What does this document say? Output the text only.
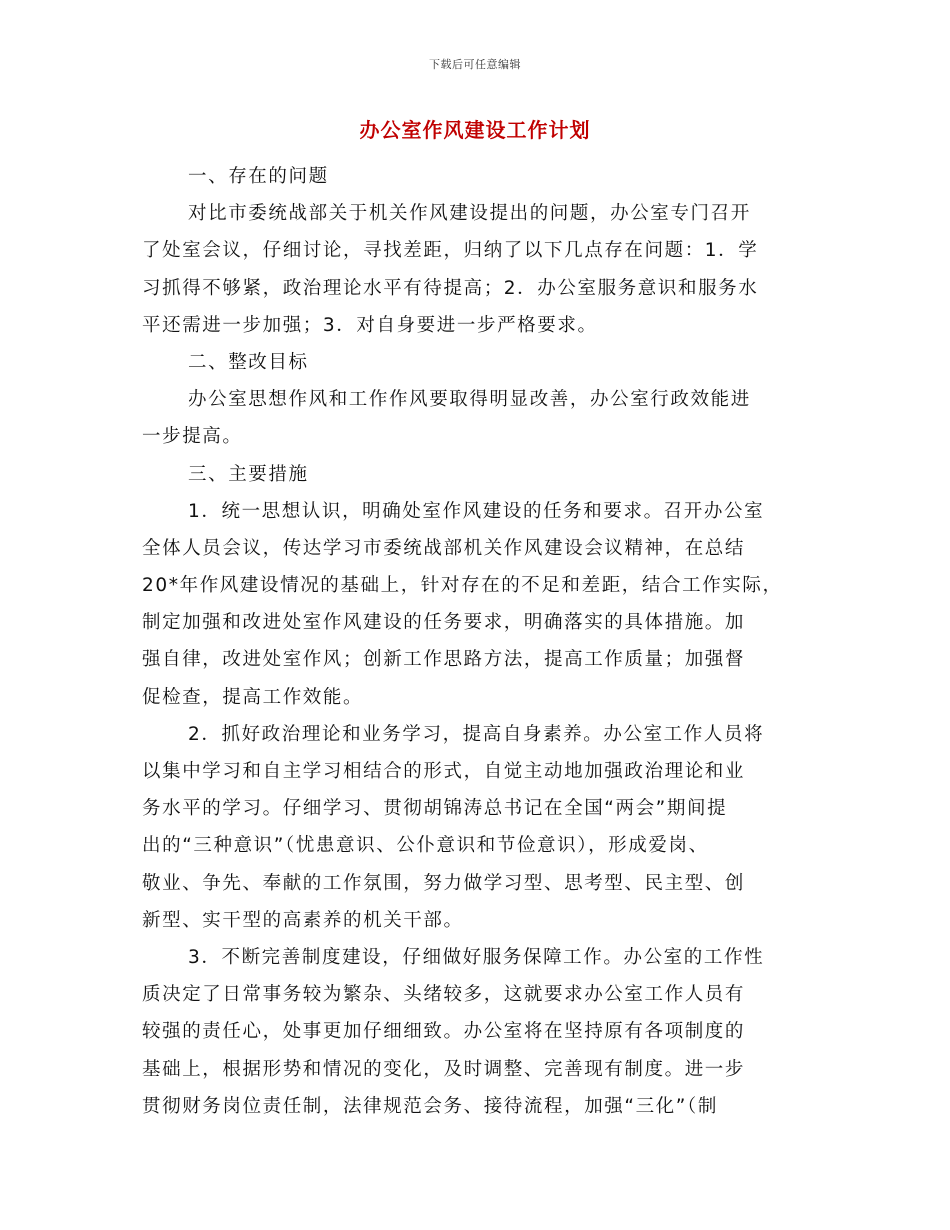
下载后可任意编辑
办公室作风建设工作计划
一、存在的问题
对比市委统战部关于机关作风建设提出的问题，办公室专门召开
了处室会议，仔细讨论，寻找差距，归纳了以下几点存在问题：1．学
习抓得不够紧，政治理论水平有待提高；2．办公室服务意识和服务水
平还需进一步加强；3．对自身要进一步严格要求。
二、整改目标
办公室思想作风和工作作风要取得明显改善，办公室行政效能进
一步提高。
三、主要措施
1．统一思想认识，明确处室作风建设的任务和要求。召开办公室
全体人员会议，传达学习市委统战部机关作风建设会议精神，在总结
20*年作风建设情况的基础上，针对存在的不足和差距，结合工作实际，
制定加强和改进处室作风建设的任务要求，明确落实的具体措施。加
强自律，改进处室作风；创新工作思路方法，提高工作质量；加强督
促检查，提高工作效能。
2．抓好政治理论和业务学习，提高自身素养。办公室工作人员将
以集中学习和自主学习相结合的形式，自觉主动地加强政治理论和业
务水平的学习。仔细学习、贯彻胡锦涛总书记在全国“两会”期间提
出的“三种意识”（忧患意识、公仆意识和节俭意识），形成爱岗、
敬业、争先、奉献的工作氛围，努力做学习型、思考型、民主型、创
新型、实干型的高素养的机关干部。
3．不断完善制度建设，仔细做好服务保障工作。办公室的工作性
质决定了日常事务较为繁杂、头绪较多，这就要求办公室工作人员有
较强的责任心，处事更加仔细细致。办公室将在坚持原有各项制度的
基础上，根据形势和情况的变化，及时调整、完善现有制度。进一步
贯彻财务岗位责任制，法律规范会务、接待流程，加强“三化”（制
